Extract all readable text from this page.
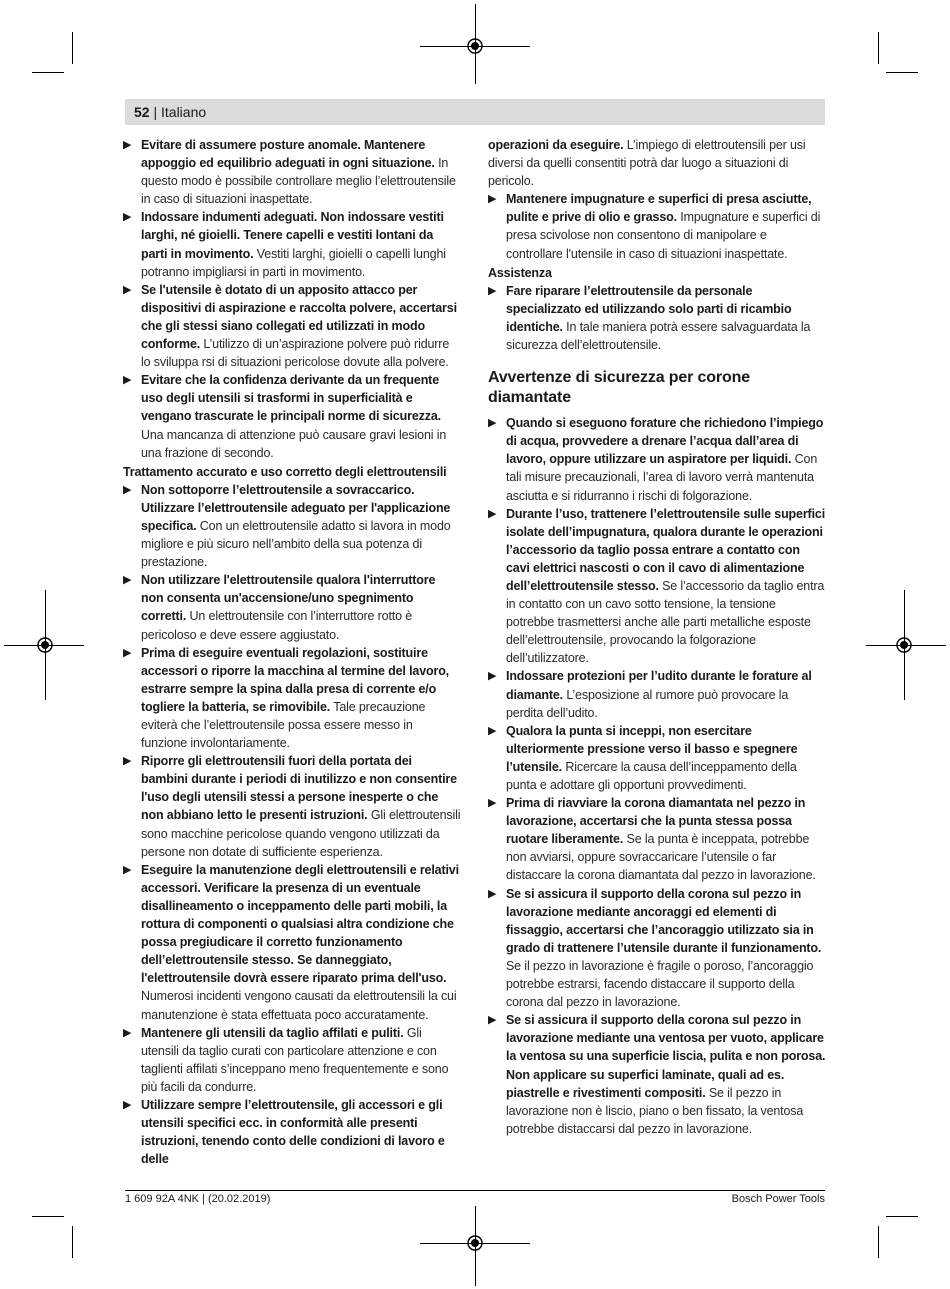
52 | Italiano
▶ Evitare di assumere posture anomale. Mantenere appoggio ed equilibrio adeguati in ogni situazione. In questo modo è possibile controllare meglio l’elettroutensile in caso di situazioni inaspettate.
▶ Indossare indumenti adeguati. Non indossare vestiti larghi, né gioielli. Tenere capelli e vestiti lontani da parti in movimento. Vestiti larghi, gioielli o capelli lunghi potranno impigliarsi in parti in movimento.
▶ Se l'utensile è dotato di un apposito attacco per dispositivi di aspirazione e raccolta polvere, accertarsi che gli stessi siano collegati ed utilizzati in modo conforme. L’utilizzo di un’aspirazione polvere può ridurre lo sviluppa rsi di situazioni pericolose dovute alla polvere.
▶ Evitare che la confidenza derivante da un frequente uso degli utensili si trasformi in superficialità e vengano trascurate le principali norme di sicurezza. Una mancanza di attenzione può causare gravi lesioni in una frazione di secondo.
Trattamento accurato e uso corretto degli elettroutensili
▶ Non sottoporre l’elettroutensile a sovraccarico. Utilizzare l’elettroutensile adeguato per l'applicazione specifica. Con un elettroutensile adatto si lavora in modo migliore e più sicuro nell’ambito della sua potenza di prestazione.
▶ Non utilizzare l'elettroutensile qualora l'interruttore non consenta un'accensione/uno spegnimento corretti. Un elettroutensile con l’interruttore rotto è pericoloso e deve essere aggiustato.
▶ Prima di eseguire eventuali regolazioni, sostituire accessori o riporre la macchina al termine del lavoro, estrarre sempre la spina dalla presa di corrente e/o togliere la batteria, se rimovibile. Tale precauzione eviterà che l’elettroutensile possa essere messo in funzione involontariamente.
▶ Riporre gli elettroutensili fuori della portata dei bambini durante i periodi di inutilizzo e non consentire l'uso degli utensili stessi a persone inesperte o che non abbiano letto le presenti istruzioni. Gli elettroutensili sono macchine pericolose quando vengono utilizzati da persone non dotate di sufficiente esperienza.
▶ Eseguire la manutenzione degli elettroutensili e relativi accessori. Verificare la presenza di un eventuale disallineamento o inceppamento delle parti mobili, la rottura di componenti o qualsiasi altra condizione che possa pregiudicare il corretto funzionamento dell’elettroutensile stesso. Se danneggiato, l'elettroutensile dovrà essere riparato prima dell'uso. Numerosi incidenti vengono causati da elettroutensili la cui manutenzione è stata effettuata poco accuratamente.
▶ Mantenere gli utensili da taglio affilati e puliti. Gli utensili da taglio curati con particolare attenzione e con taglienti affilati s’inceppano meno frequentemente e sono più facili da condurre.
▶ Utilizzare sempre l’elettroutensile, gli accessori e gli utensili specifici ecc. in conformità alle presenti istruzioni, tenendo conto delle condizioni di lavoro e delle
operazioni da eseguire. L’impiego di elettroutensili per usi diversi da quelli consentiti potrà dar luogo a situazioni di pericolo.
▶ Mantenere impugnature e superfici di presa asciutte, pulite e prive di olio e grasso. Impugnature e superfici di presa scivolose non consentono di manipolare e controllare l'utensile in caso di situazioni inaspettate.
Assistenza
▶ Fare riparare l’elettroutensile da personale specializzato ed utilizzando solo parti di ricambio identiche. In tale maniera potrà essere salvaguardata la sicurezza dell’elettroutensile.
Avvertenze di sicurezza per corone diamantate
▶ Quando si eseguono forature che richiedono l’impiego di acqua, provvedere a drenare l’acqua dall’area di lavoro, oppure utilizzare un aspiratore per liquidi. Con tali misure precauzionali, l’area di lavoro verrà mantenuta asciutta e si ridurranno i rischi di folgorazione.
▶ Durante l’uso, trattenere l’elettroutensile sulle superfici isolate dell’impugnatura, qualora durante le operazioni l’accessorio da taglio possa entrare a contatto con cavi elettrici nascosti o con il cavo di alimentazione dell’elettroutensile stesso. Se l’accessorio da taglio entra in contatto con un cavo sotto tensione, la tensione potrebbe trasmettersi anche alle parti metalliche esposte dell’elettroutensile, provocando la folgorazione dell’utilizzatore.
▶ Indossare protezioni per l’udito durante le forature al diamante. L’esposizione al rumore può provocare la perdita dell’udito.
▶ Qualora la punta si inceppi, non esercitare ulteriormente pressione verso il basso e spegnere l’utensile. Ricercare la causa dell’inceppamento della punta e adottare gli opportuni provvedimenti.
▶ Prima di riavviare la corona diamantata nel pezzo in lavorazione, accertarsi che la punta stessa possa ruotare liberamente. Se la punta è inceppata, potrebbe non avviarsi, oppure sovraccaricare l’utensile o far distaccare la corona diamantata dal pezzo in lavorazione.
▶ Se si assicura il supporto della corona sul pezzo in lavorazione mediante ancoraggi ed elementi di fissaggio, accertarsi che l’ancoraggio utilizzato sia in grado di trattenere l’utensile durante il funzionamento. Se il pezzo in lavorazione è fragile o poroso, l’ancoraggio potrebbe estrarsi, facendo distaccare il supporto della corona dal pezzo in lavorazione.
▶ Se si assicura il supporto della corona sul pezzo in lavorazione mediante una ventosa per vuoto, applicare la ventosa su una superficie liscia, pulita e non porosa. Non applicare su superfici laminate, quali ad es. piastrelle e rivestimenti compositi. Se il pezzo in lavorazione non è liscio, piano o ben fissato, la ventosa potrebbe distaccarsi dal pezzo in lavorazione.
1 609 92A 4NK | (20.02.2019)	Bosch Power Tools
